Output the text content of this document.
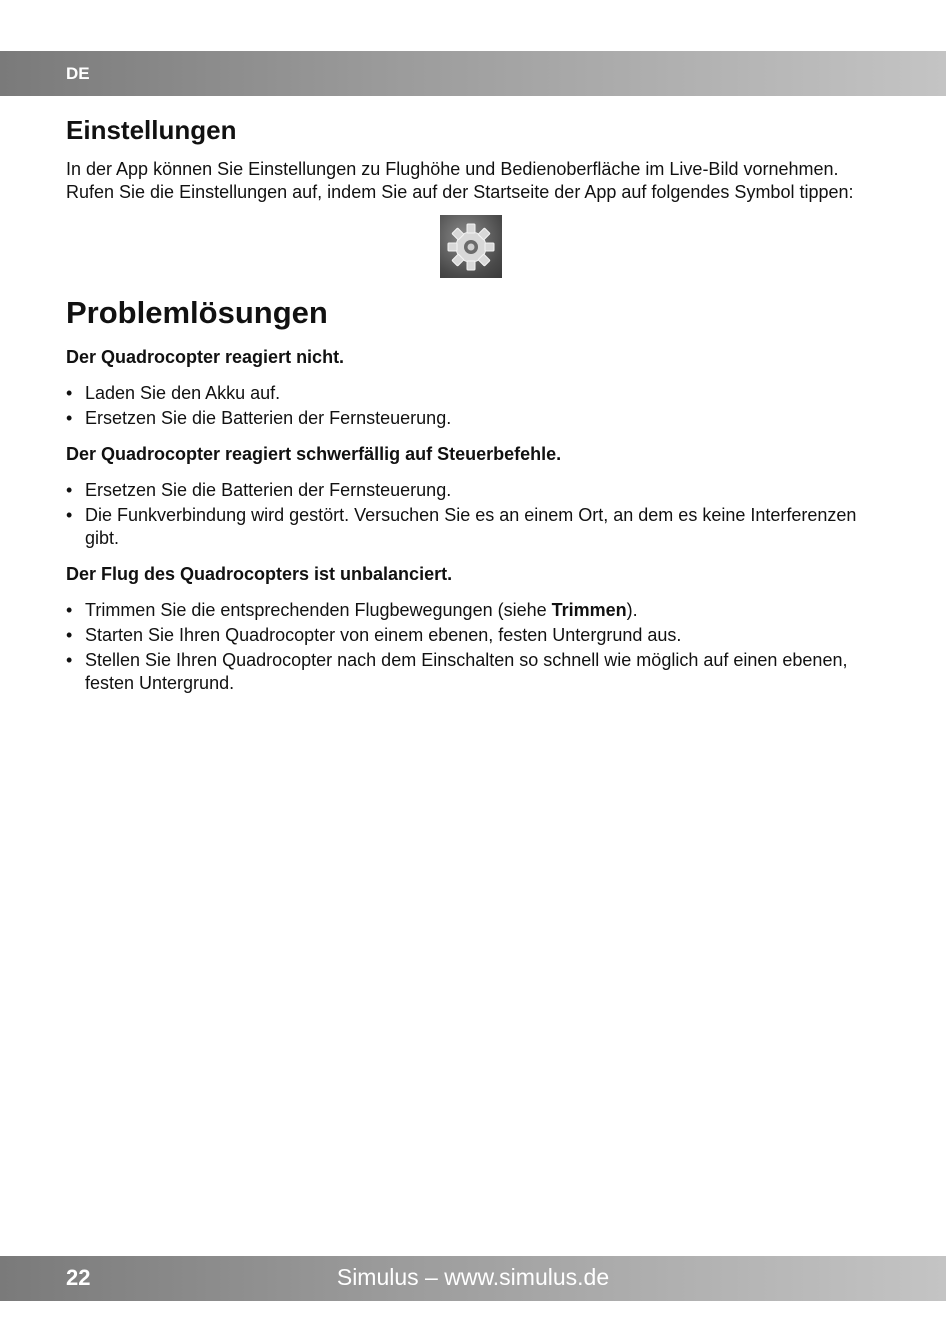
DE
Einstellungen

In der App können Sie Einstellungen zu Flughöhe und Bedienoberfläche im Live-Bild vornehmen. Rufen Sie die Einstellungen auf, indem Sie auf der Startseite der App auf folgendes Symbol tippen:

Problemlösungen
Der Quadrocopter reagiert nicht.
• Laden Sie den Akku auf.
• Ersetzen Sie die Batterien der Fernsteuerung.
Der Quadrocopter reagiert schwerfällig auf Steuerbefehle.
• Ersetzen Sie die Batterien der Fernsteuerung.
• Die Funkverbindung wird gestört. Versuchen Sie es an einem Ort, an dem es keine Interferenzen gibt.
Der Flug des Quadrocopters ist unbalanciert.
• Trimmen Sie die entsprechenden Flugbewegungen (siehe Trimmen).
• Starten Sie Ihren Quadrocopter von einem ebenen, festen Untergrund aus.
• Stellen Sie Ihren Quadrocopter nach dem Einschalten so schnell wie möglich auf einen ebenen, festen Untergrund.
22	Simulus – www.simulus.de
